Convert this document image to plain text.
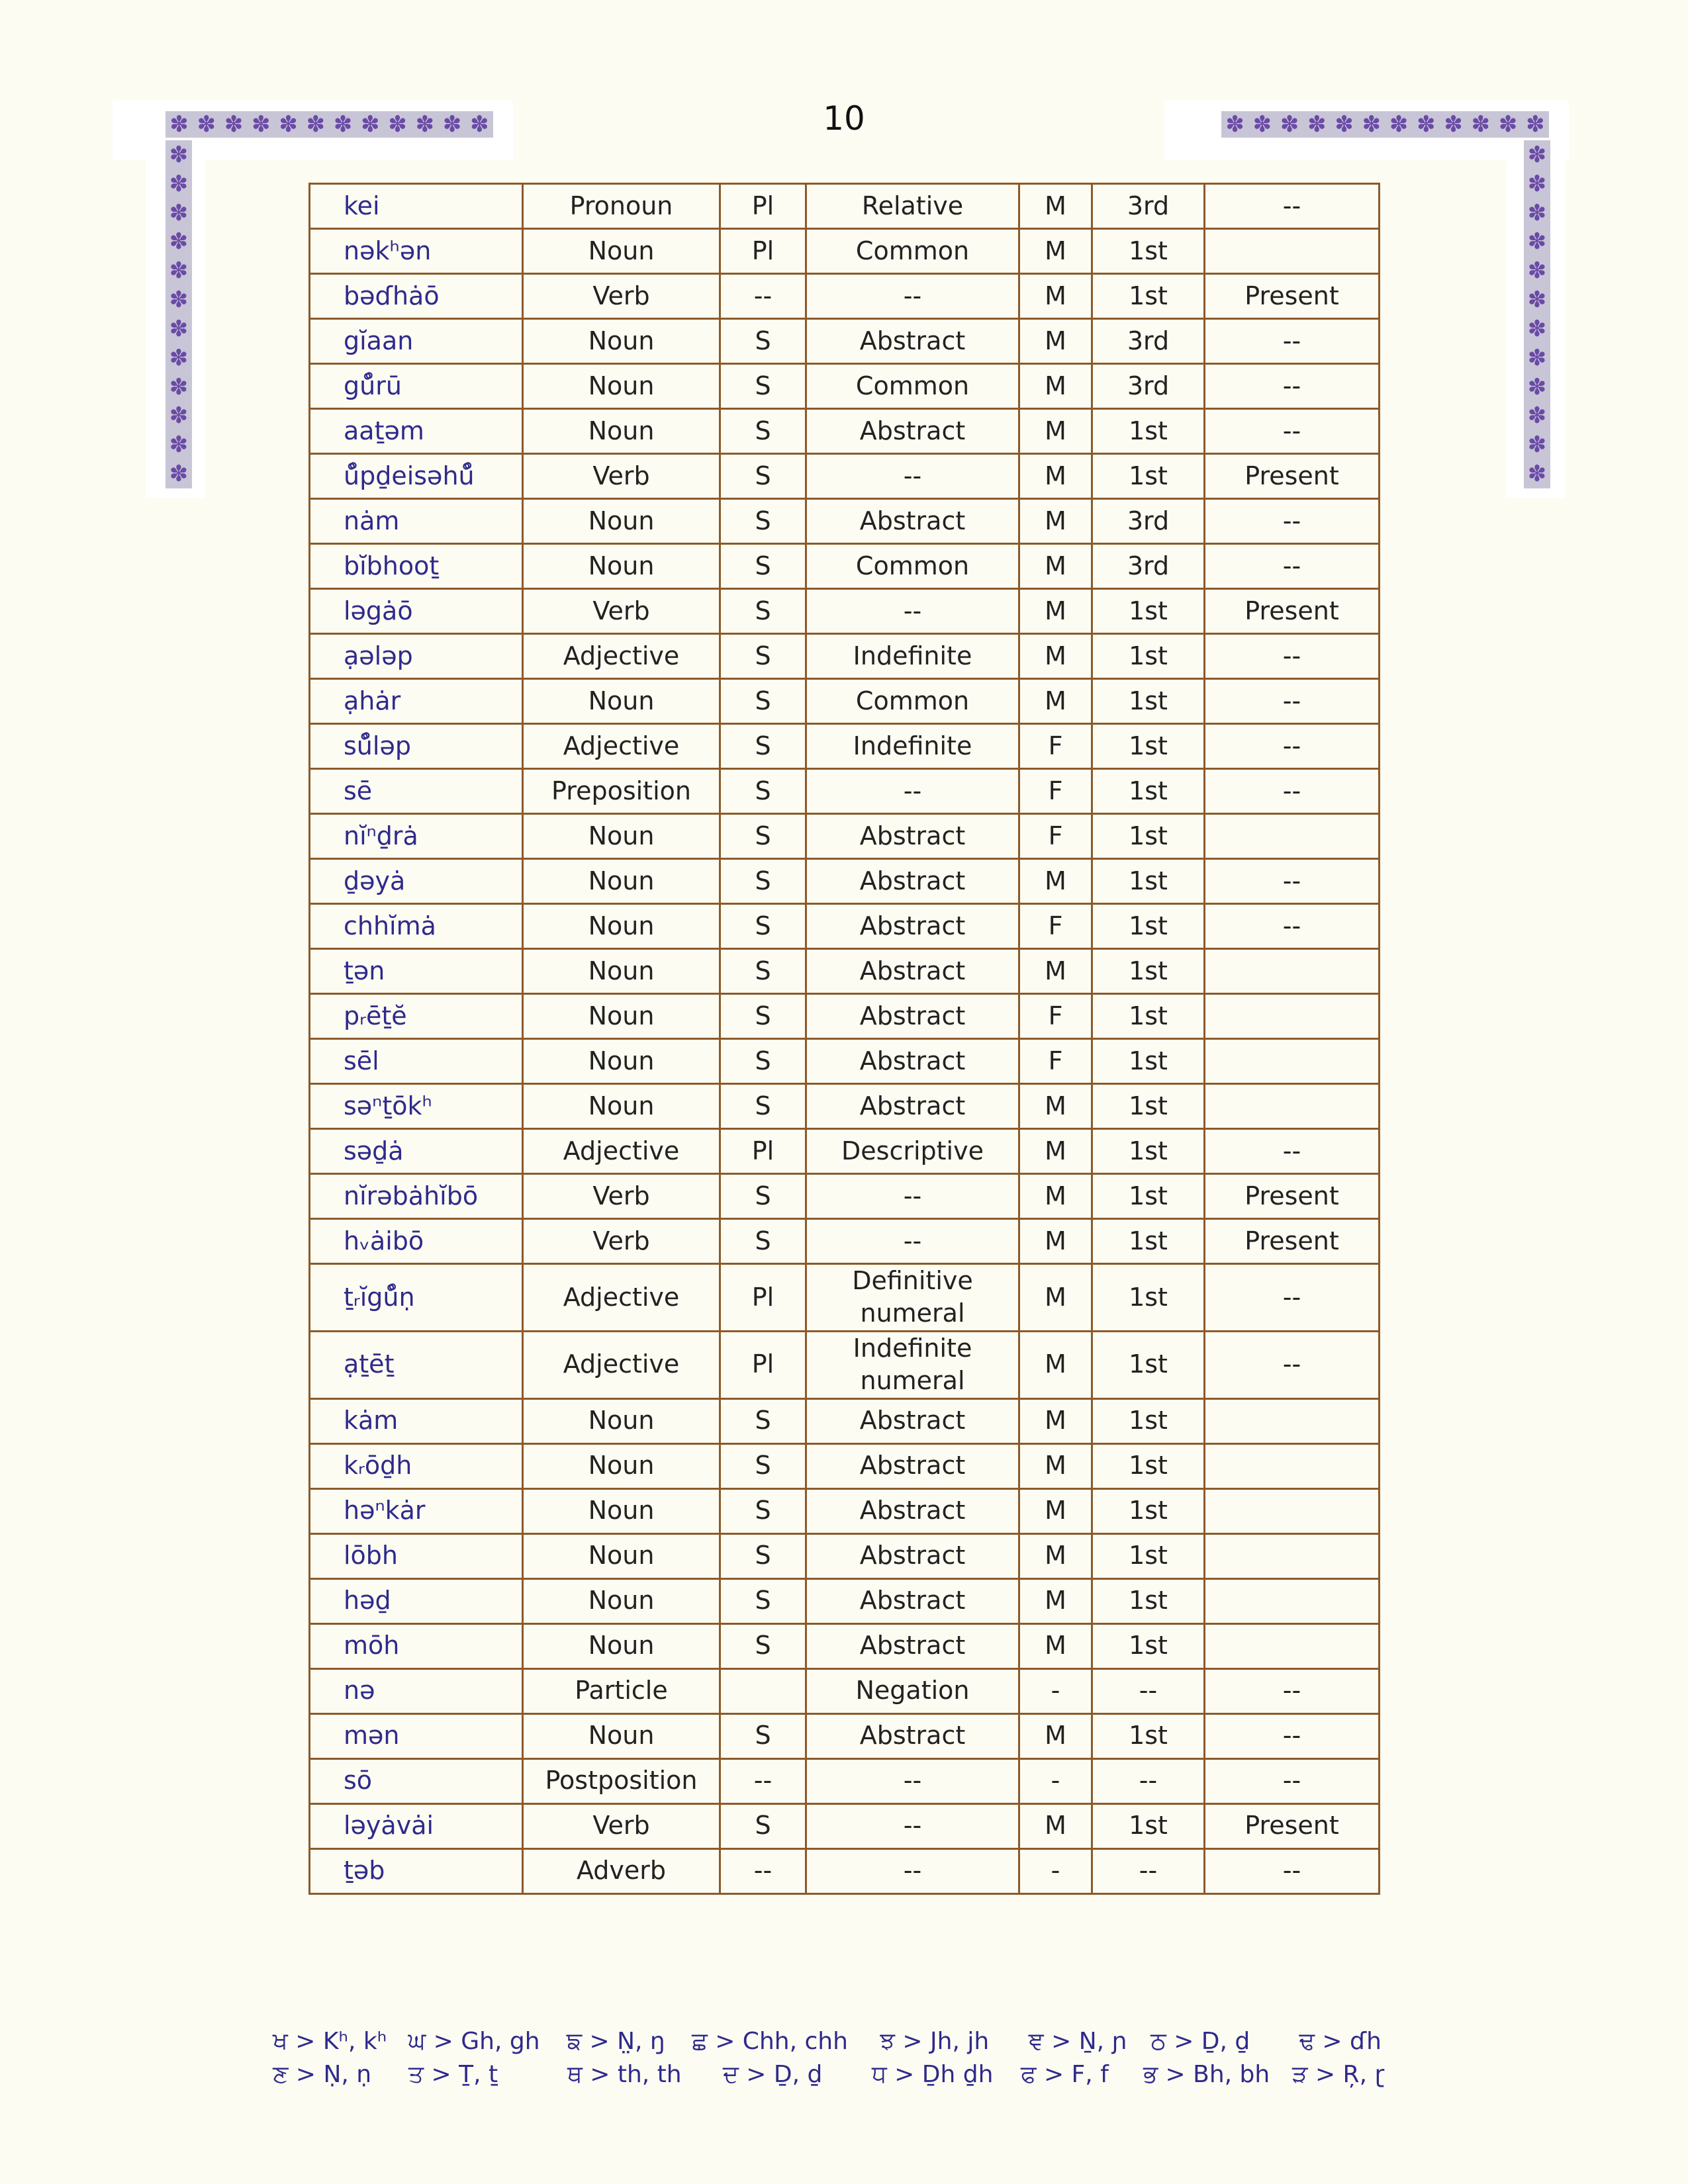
10
✽ ✽ ✽ ✽ ✽ ✽ ✽ ✽ ✽ ✽ ✽ ✽
✽
✽
✽
✽
✽
✽
✽
✽
✽
✽
✽
✽
✽ ✽ ✽ ✽ ✽ ✽ ✽ ✽ ✽ ✽ ✽ ✽
✽
✽
✽
✽
✽
✽
✽
✽
✽
✽
✽
✽
kei	Pronoun	Pl	Relative	M	3rd	--
nəkʰən	Noun	Pl	Common	M	1st	
bəɗhȧō	Verb	--	--	M	1st	Present
gĭaan	Noun	S	Abstract	M	3rd	--
gů̊rū	Noun	S	Common	M	3rd	--
aaṯəm	Noun	S	Abstract	M	1st	--
ů̊pḏeisəhů̊	Verb	S	--	M	1st	Present
nȧm	Noun	S	Abstract	M	3rd	--
bĭbhooṯ	Noun	S	Common	M	3rd	--
ləgȧō	Verb	S	--	M	1st	Present
ạələp	Adjective	S	Indefinite	M	1st	--
ạhȧr	Noun	S	Common	M	1st	--
sů̊ləp	Adjective	S	Indefinite	F	1st	--
sē	Preposition	S	--	F	1st	--
nĭⁿḏrȧ	Noun	S	Abstract	F	1st	
ḏəyȧ	Noun	S	Abstract	M	1st	--
chhĭmȧ	Noun	S	Abstract	F	1st	--
ṯən	Noun	S	Abstract	M	1st	
pᵣēṯĕ	Noun	S	Abstract	F	1st	
sēl	Noun	S	Abstract	F	1st	
səⁿṯōkʰ	Noun	S	Abstract	M	1st	
səḏȧ	Adjective	Pl	Descriptive	M	1st	--
nĭrəbȧhĭbō	Verb	S	--	M	1st	Present
hᵥȧibō	Verb	S	--	M	1st	Present
ṯᵣĭgů̊ṇ	Adjective	Pl	Definitive numeral	M	1st	--
ạṯēṯ	Adjective	Pl	Indefinite numeral	M	1st	--
kȧm	Noun	S	Abstract	M	1st	
kᵣōḏh	Noun	S	Abstract	M	1st	
həⁿkȧr	Noun	S	Abstract	M	1st	
lōbh	Noun	S	Abstract	M	1st	
həḏ	Noun	S	Abstract	M	1st	
mōh	Noun	S	Abstract	M	1st	
nə	Particle		Negation	-	--	--
mən	Noun	S	Abstract	M	1st	--
sō	Postposition	--	--	-	--	--
ləyȧvȧi	Verb	S	--	M	1st	Present
ṯəb	Adverb	--	--	-	--	--
ਖ > Kʰ, kʰ ਘ > Gh, gh	ਙ > N̤, ŋ	ਛ > Chh, chh	ਝ > Jh, jh	ਞ > Ṉ, ɲ ਠ > Ḏ, ḏ	ਢ > ɗh
ਣ > Ṇ, ṇ	ਤ > Ṯ, ṯ	ਥ > th, th	ਦ > Ḏ, ḏ	ਧ > Ḏh ḏh	ਫ > F, f	ਭ > Bh, bh ੜ > Ŗ, ɽ
